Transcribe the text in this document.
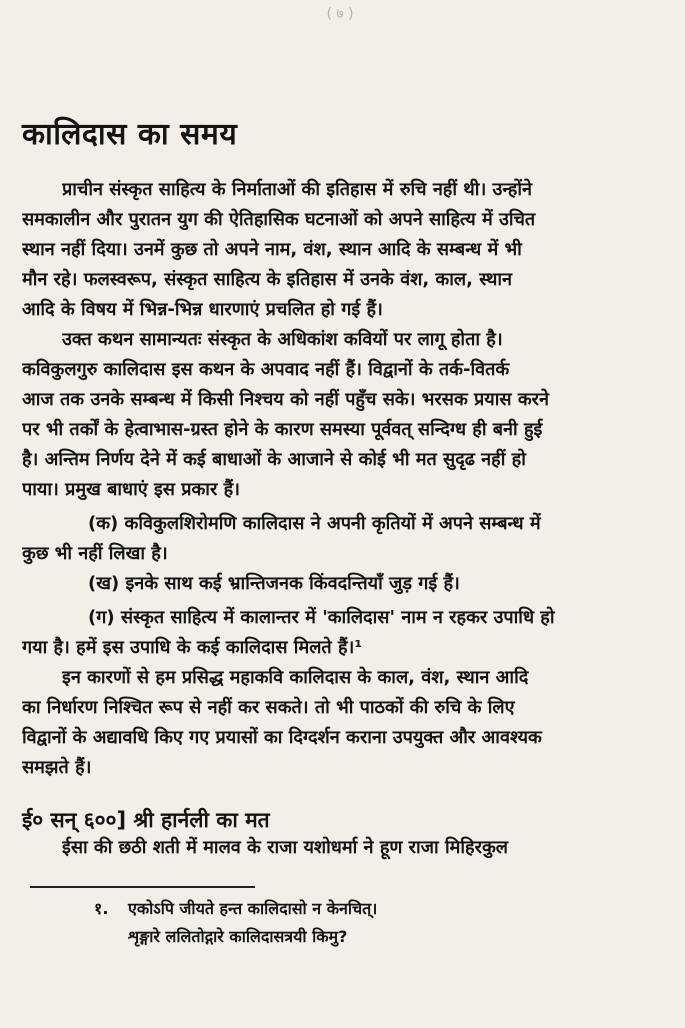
( ७ )
कालिदास का समय
प्राचीन संस्कृत साहित्य के निर्माताओं की इतिहास में रुचि नहीं थी। उन्होंने
समकालीन और पुरातन युग की ऐतिहासिक घटनाओं को अपने साहित्य में उचित
स्थान नहीं दिया। उनमें कुछ तो अपने नाम, वंश, स्थान आदि के सम्बन्ध में भी
मौन रहे। फलस्वरूप, संस्कृत साहित्य के इतिहास में उनके वंश, काल, स्थान
आदि के विषय में भिन्न-भिन्न धारणाएं प्रचलित हो गई हैं।
उक्त कथन सामान्यतः संस्कृत के अधिकांश कवियों पर लागू होता है।
कविकुलगुरु कालिदास इस कथन के अपवाद नहीं हैं। विद्वानों के तर्क-वितर्क
आज तक उनके सम्बन्ध में किसी निश्चय को नहीं पहुँच सके। भरसक प्रयास करने
पर भी तर्कों के हेत्वाभास-ग्रस्त होने के कारण समस्या पूर्ववत् सन्दिग्ध ही बनी हुई
है। अन्तिम निर्णय देने में कई बाधाओं के आजाने से कोई भी मत सुदृढ नहीं हो
पाया। प्रमुख बाधाएं इस प्रकार हैं।
(क) कविकुलशिरोमणि कालिदास ने अपनी कृतियों में अपने सम्बन्ध में
कुछ भी नहीं लिखा है।
(ख) इनके साथ कई भ्रान्तिजनक किंवदन्तियाँ जुड़ गई हैं।
(ग) संस्कृत साहित्य में कालान्तर में 'कालिदास' नाम न रहकर उपाधि हो
गया है। हमें इस उपाधि के कई कालिदास मिलते हैं।¹
इन कारणों से हम प्रसिद्ध महाकवि कालिदास के काल, वंश, स्थान आदि
का निर्धारण निश्चित रूप से नहीं कर सकते। तो भी पाठकों की रुचि के लिए
विद्वानों के अद्यावधि किए गए प्रयासों का दिग्दर्शन कराना उपयुक्त और आवश्यक
समझते हैं।
ई० सन् ६००] श्री हार्नली का मत
ईसा की छठी शती में मालव के राजा यशोधर्मा ने हूण राजा मिहिरकुल
१. एकोऽपि जीयते हन्त कालिदासो न केनचित्।
शृङ्गारे ललितोद्गारे कालिदासत्रयी किमु?
